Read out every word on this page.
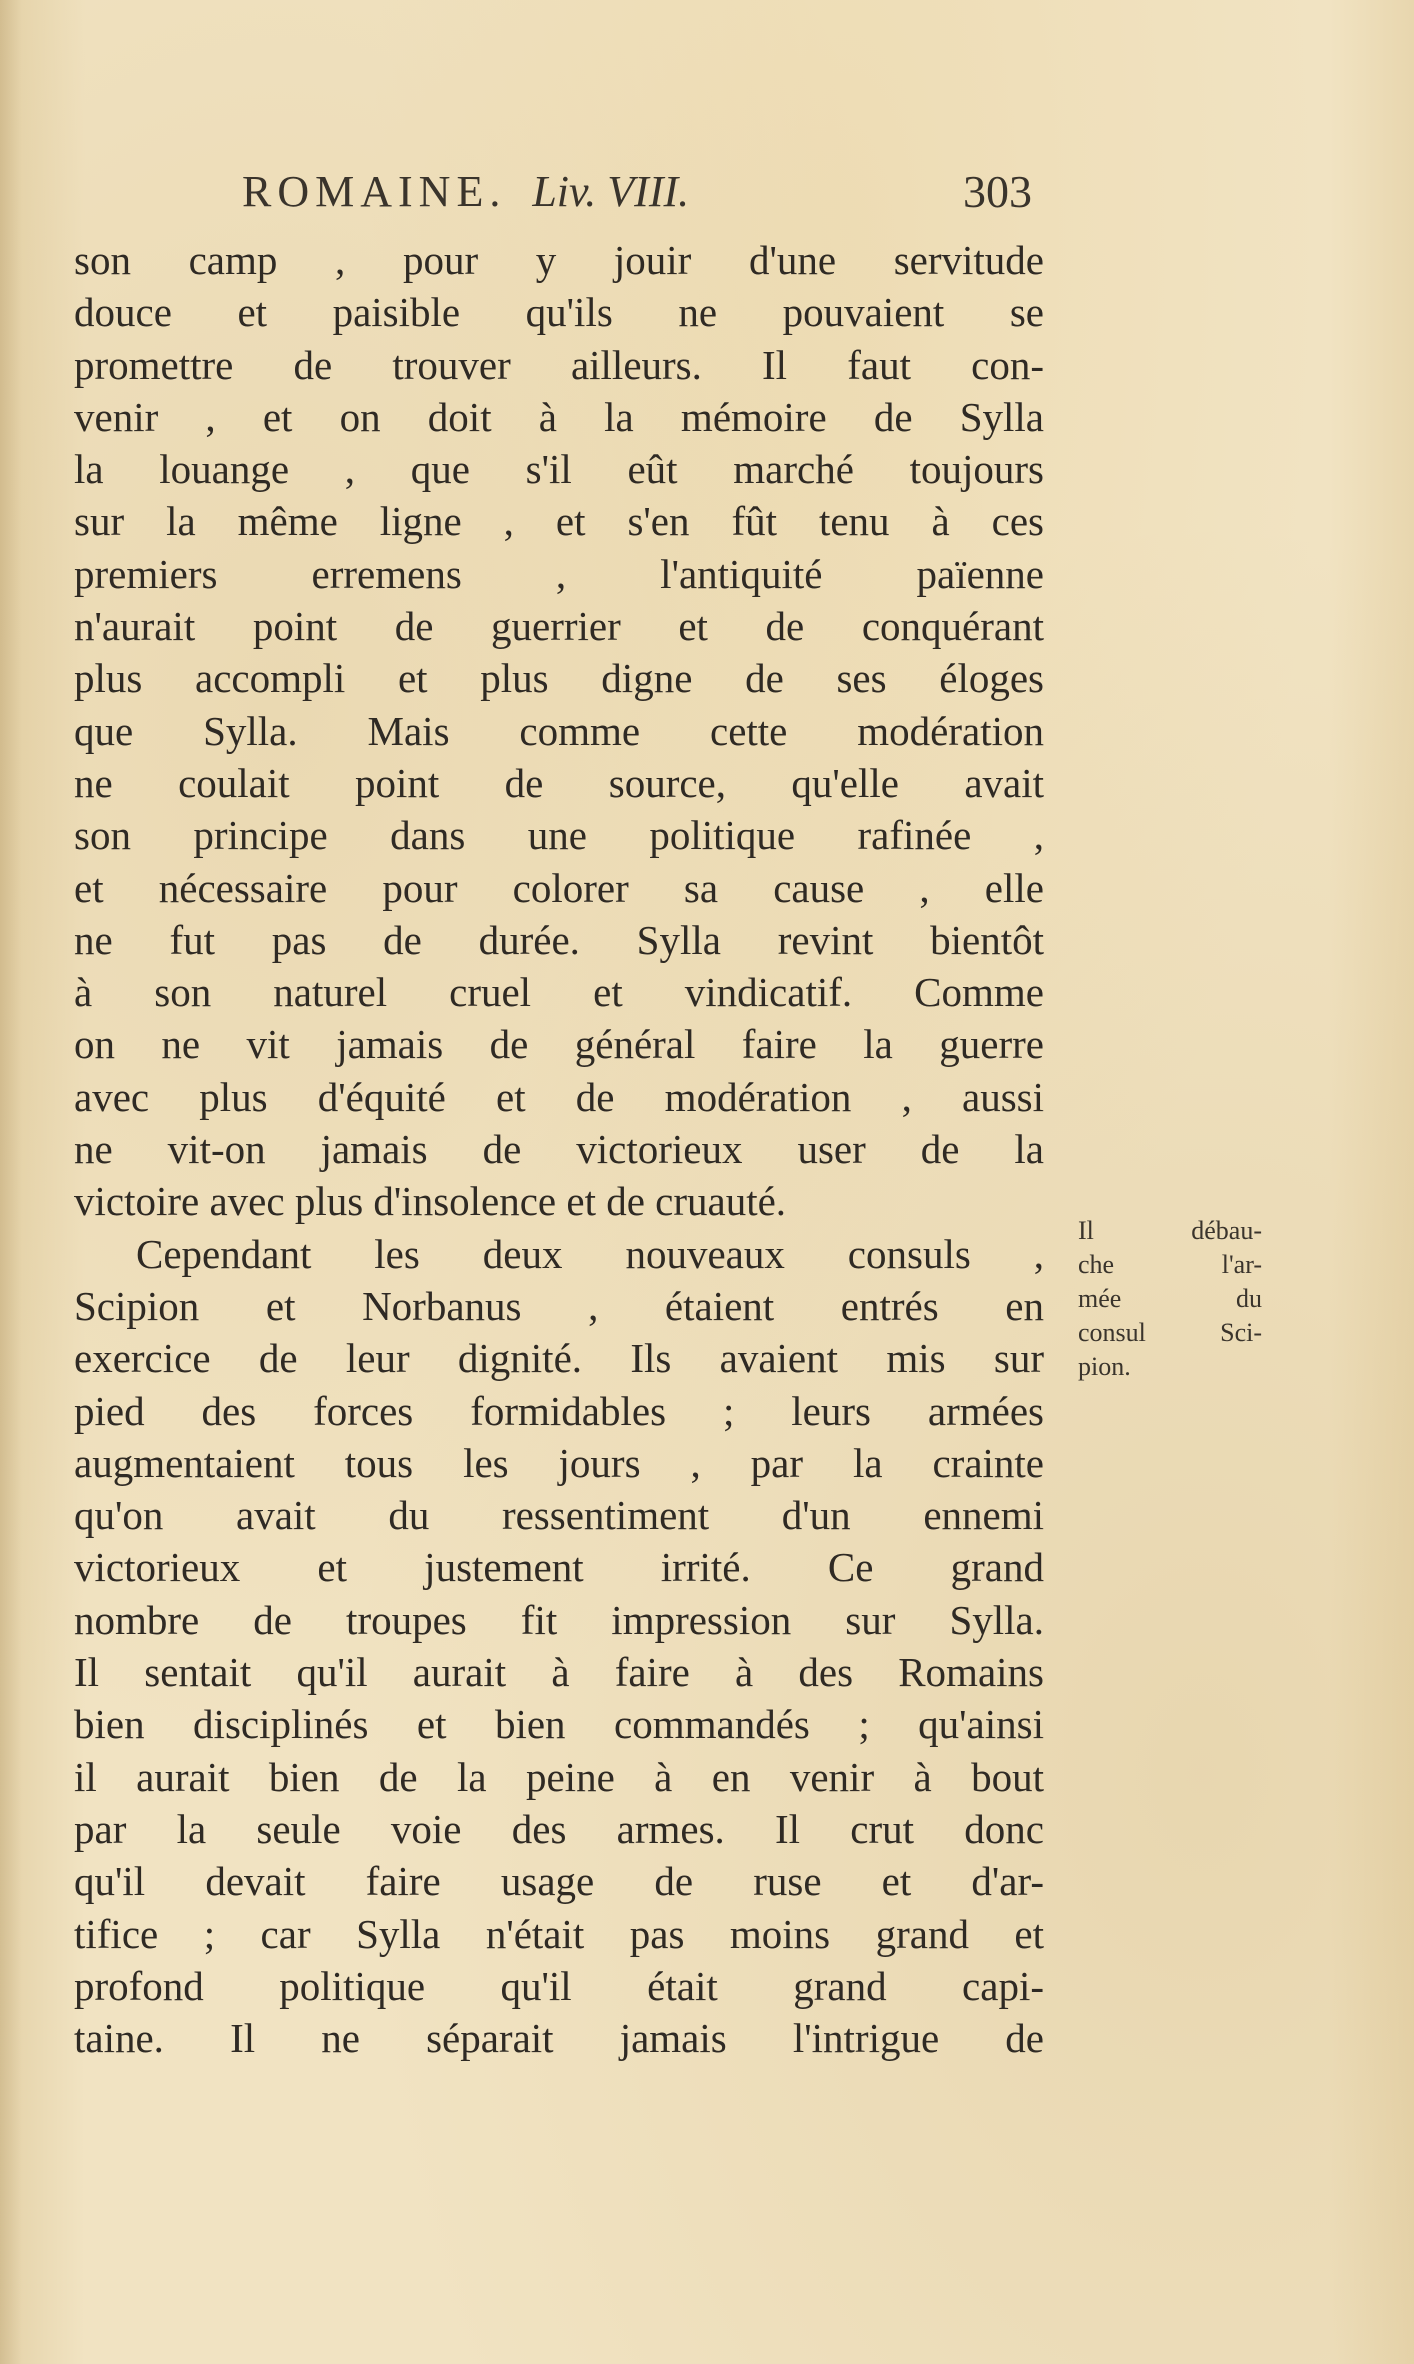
ROMAINE. Liv. VIII.	303
son camp , pour y jouir d'une servitude
douce et paisible qu'ils ne pouvaient se
promettre de trouver ailleurs. Il faut con-
venir , et on doit à la mémoire de Sylla
la louange , que s'il eût marché toujours
sur la même ligne , et s'en fût tenu à ces
premiers erremens , l'antiquité païenne
n'aurait point de guerrier et de conquérant
plus accompli et plus digne de ses éloges
que Sylla. Mais comme cette modération
ne coulait point de source, qu'elle avait
son principe dans une politique rafinée ,
et nécessaire pour colorer sa cause , elle
ne fut pas de durée. Sylla revint bientôt
à son naturel cruel et vindicatif. Comme
on ne vit jamais de général faire la guerre
avec plus d'équité et de modération , aussi
ne vit-on jamais de victorieux user de la
victoire avec plus d'insolence et de cruauté.
Cependant les deux nouveaux consuls ,
Scipion et Norbanus , étaient entrés en
exercice de leur dignité. Ils avaient mis sur
pied des forces formidables ; leurs armées
augmentaient tous les jours , par la crainte
qu'on avait du ressentiment d'un ennemi
victorieux et justement irrité. Ce grand
nombre de troupes fit impression sur Sylla.
Il sentait qu'il aurait à faire à des Romains
bien disciplinés et bien commandés ; qu'ainsi
il aurait bien de la peine à en venir à bout
par la seule voie des armes. Il crut donc
qu'il devait faire usage de ruse et d'ar-
tifice ; car Sylla n'était pas moins grand et
profond politique qu'il était grand capi-
taine. Il ne séparait jamais l'intrigue de
Il débau-
che l'ar-
mée du
consul Sci-
pion.
